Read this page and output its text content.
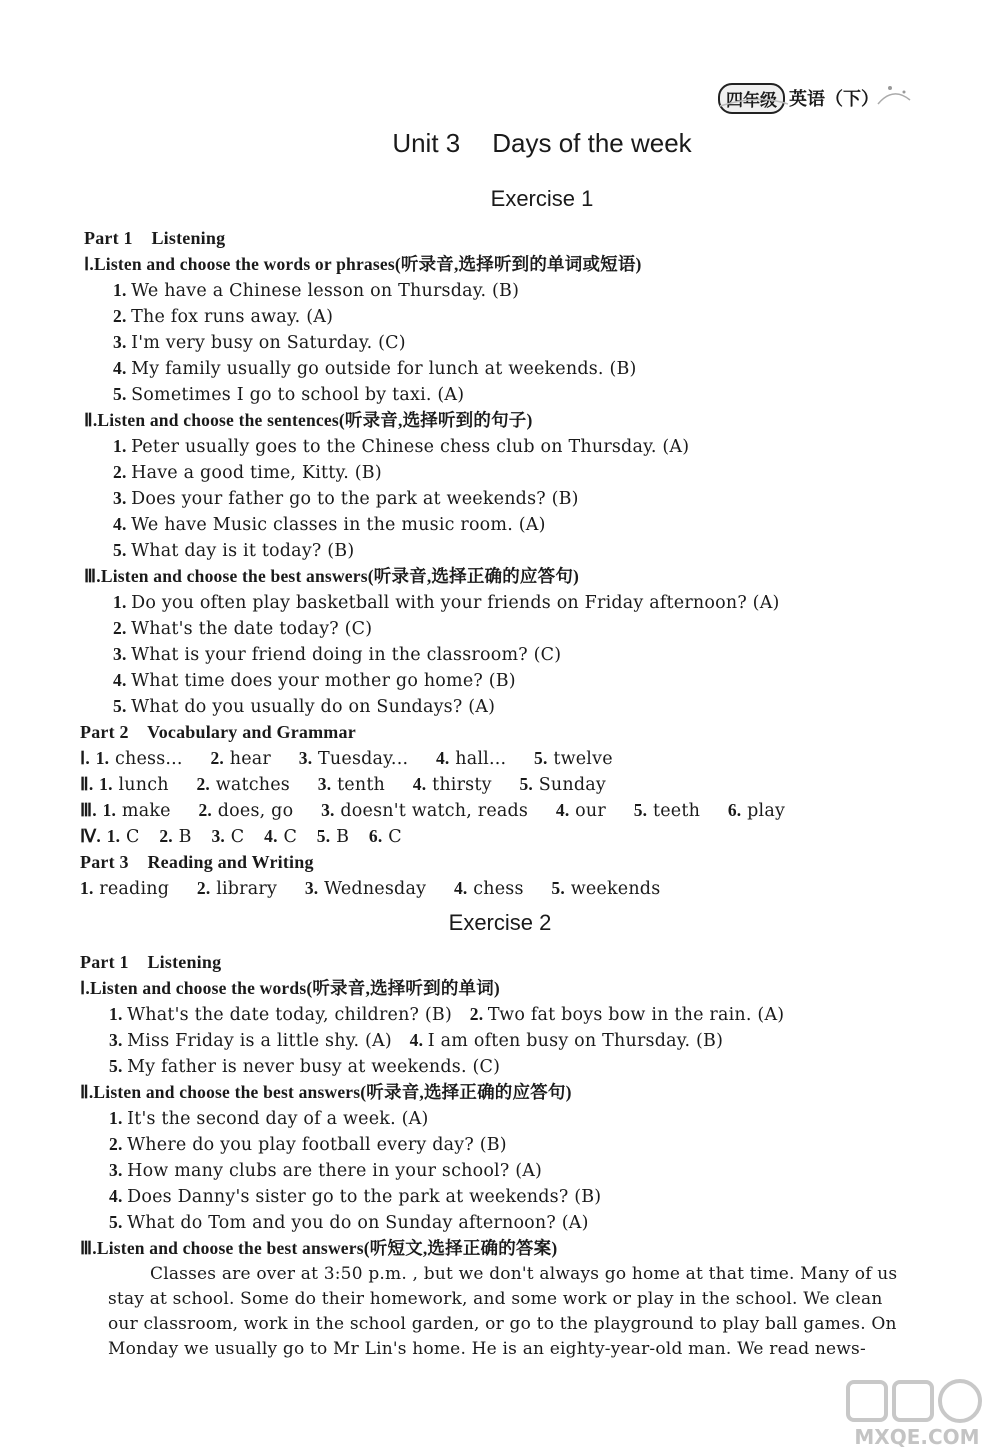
四年级 英语（下）
Unit 3 Days of the week
Exercise 1
Part 1    Listening
Ⅰ.Listen and choose the words or phrases(听录音,选择听到的单词或短语)
1. We have a Chinese lesson on Thursday. (B)
2. The fox runs away. (A)
3. I'm very busy on Saturday. (C)
4. My family usually go outside for lunch at weekends. (B)
5. Sometimes I go to school by taxi. (A)
Ⅱ.Listen and choose the sentences(听录音,选择听到的句子)
1. Peter usually goes to the Chinese chess club on Thursday. (A)
2. Have a good time, Kitty. (B)
3. Does your father go to the park at weekends? (B)
4. We have Music classes in the music room. (A)
5. What day is it today? (B)
Ⅲ.Listen and choose the best answers(听录音,选择正确的应答句)
1. Do you often play basketball with your friends on Friday afternoon? (A)
2. What's the date today? (C)
3. What is your friend doing in the classroom? (C)
4. What time does your mother go home? (B)
5. What do you usually do on Sundays? (A)
Part 2    Vocabulary and Grammar
Ⅰ. 1. chess... 2. hear 3. Tuesday... 4. hall... 5. twelve
Ⅱ. 1. lunch 2. watches 3. tenth 4. thirsty 5. Sunday
Ⅲ. 1. make 2. does, go 3. doesn't watch, reads 4. our 5. teeth 6. play
Ⅳ. 1. C 2. B 3. C 4. C 5. B 6. C
Part 3    Reading and Writing
1. reading 2. library 3. Wednesday 4. chess 5. weekends
Exercise 2
Part 1    Listening
Ⅰ.Listen and choose the words(听录音,选择听到的单词)
1. What's the date today, children? (B) 2. Two fat boys bow in the rain. (A)
3. Miss Friday is a little shy. (A) 4. I am often busy on Thursday. (B)
5. My father is never busy at weekends. (C)
Ⅱ.Listen and choose the best answers(听录音,选择正确的应答句)
1. It's the second day of a week. (A)
2. Where do you play football every day? (B)
3. How many clubs are there in your school? (A)
4. Does Danny's sister go to the park at weekends? (B)
5. What do Tom and you do on Sunday afternoon? (A)
Ⅲ.Listen and choose the best answers(听短文,选择正确的答案)
Classes are over at 3:50 p.m. , but we don't always go home at that time. Many of us
stay at school. Some do their homework, and some work or play in the school. We clean
our classroom, work in the school garden, or go to the playground to play ball games. On
Monday we usually go to Mr Lin's home. He is an eighty-year-old man. We read news-
MXQE.COM
